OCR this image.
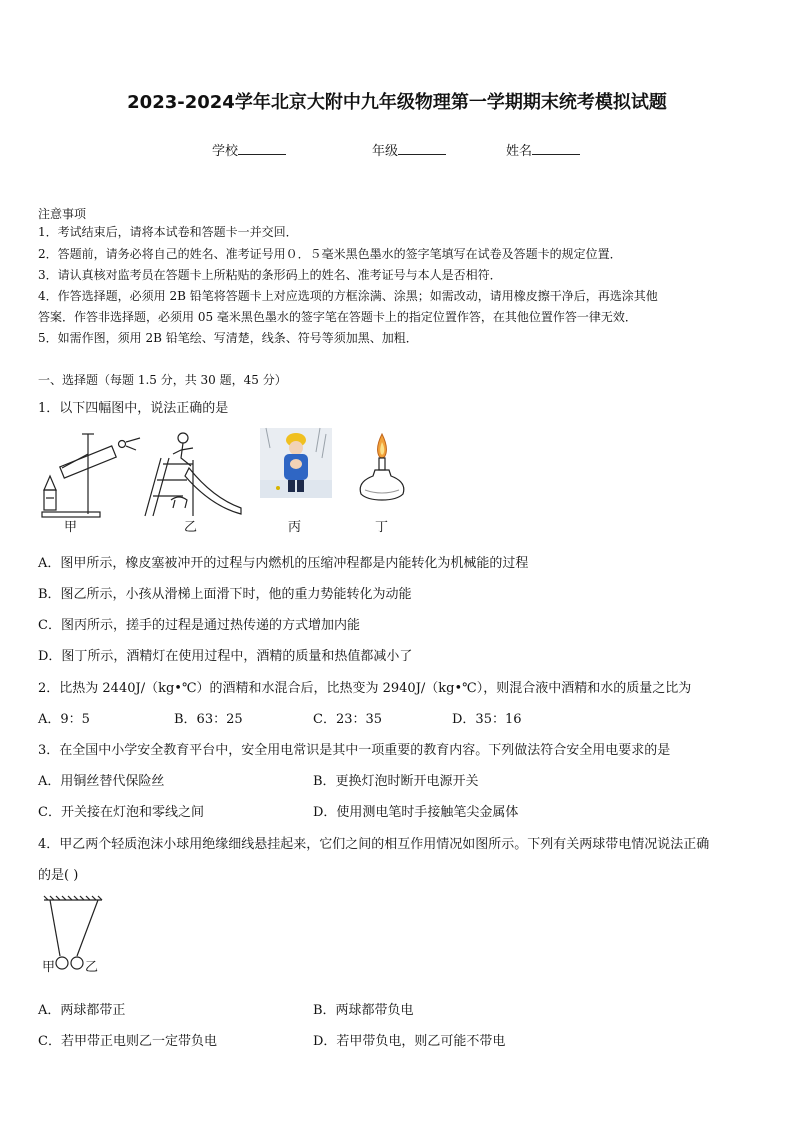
2023-2024学年北京大附中九年级物理第一学期期末统考模拟试题
学校	年级	姓名
注意事项
1．考试结束后，请将本试卷和答题卡一并交回．
2．答题前，请务必将自己的姓名、准考证号用０．５毫米黑色墨水的签字笔填写在试卷及答题卡的规定位置．
3．请认真核对监考员在答题卡上所粘贴的条形码上的姓名、准考证号与本人是否相符．
4．作答选择题，必须用 2B 铅笔将答题卡上对应选项的方框涂满、涂黑；如需改动，请用橡皮擦干净后，再选涂其他
答案．作答非选择题，必须用 05 毫米黑色墨水的签字笔在答题卡上的指定位置作答，在其他位置作答一律无效．
5．如需作图，须用 2B 铅笔绘、写清楚，线条、符号等须加黑、加粗．
一、选择题（每题 1.5 分，共 30 题，45 分）
1．以下四幅图中，说法正确的是
甲	乙	丙	丁
A．图甲所示，橡皮塞被冲开的过程与内燃机的压缩冲程都是内能转化为机械能的过程
B．图乙所示，小孩从滑梯上面滑下时，他的重力势能转化为动能
C．图丙所示，搓手的过程是通过热传递的方式增加内能
D．图丁所示，酒精灯在使用过程中，酒精的质量和热值都减小了
2．比热为 2440J/（kg•℃）的酒精和水混合后，比热变为 2940J/（kg•℃），则混合液中酒精和水的质量之比为
A．9：5	B．63：25	C．23：35	D．35：16
3．在全国中小学安全教育平台中，安全用电常识是其中一项重要的教育内容。下列做法符合安全用电要求的是
A．用铜丝替代保险丝	B．更换灯泡时断开电源开关
C．开关接在灯泡和零线之间	D．使用测电笔时手接触笔尖金属体
4．甲乙两个轻质泡沫小球用绝缘细线悬挂起来，它们之间的相互作用情况如图所示。下列有关两球带电情况说法正确
的是( )
甲 乙
A．两球都带正	B．两球都带负电
C．若甲带正电则乙一定带负电	D．若甲带负电，则乙可能不带电
